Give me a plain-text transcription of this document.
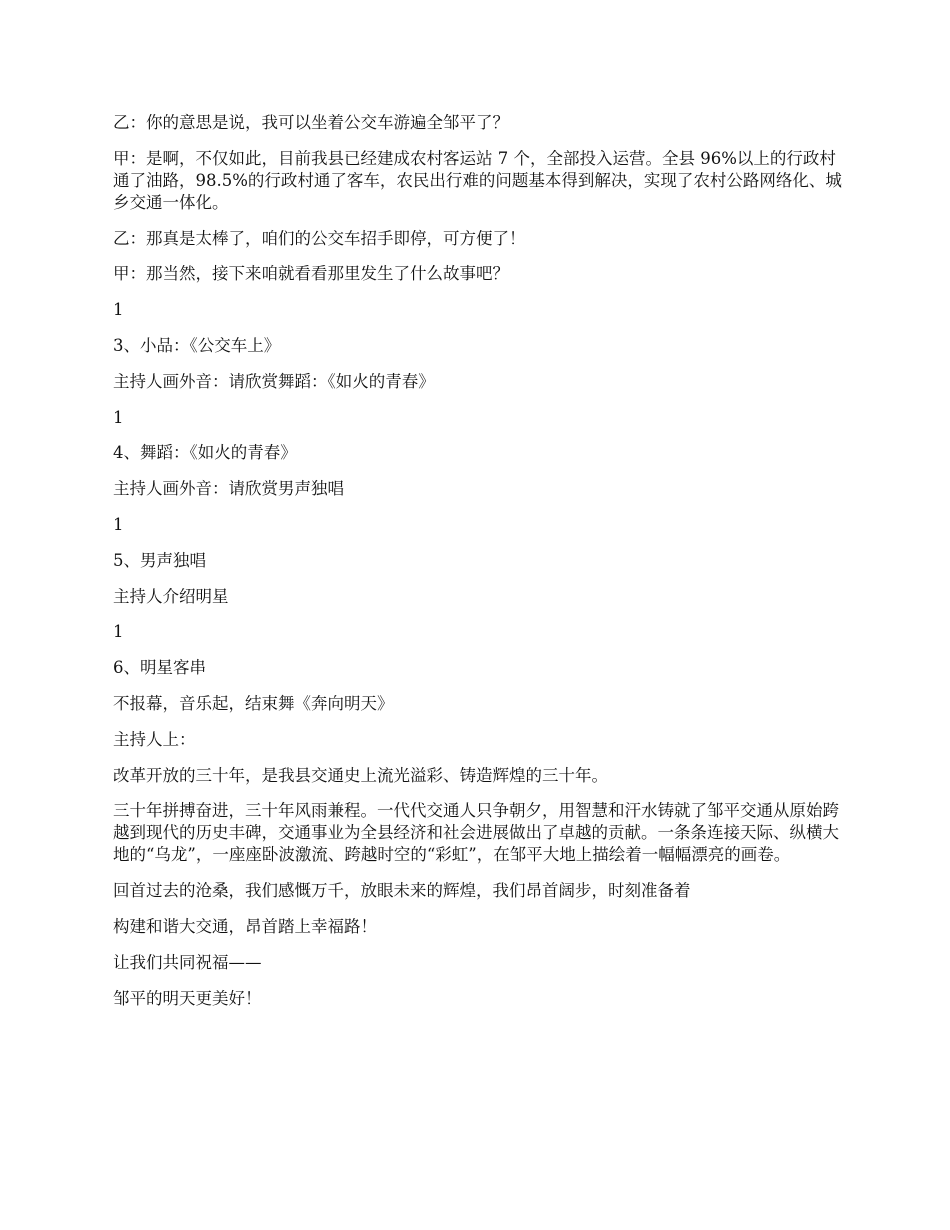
乙：你的意思是说，我可以坐着公交车游遍全邹平了？

甲：是啊，不仅如此，目前我县已经建成农村客运站 7 个，全部投入运营。全县 96%以上的行政村通了油路，98.5%的行政村通了客车，农民出行难的问题基本得到解决，实现了农村公路网络化、城乡交通一体化。

乙：那真是太棒了，咱们的公交车招手即停，可方便了！

甲：那当然，接下来咱就看看那里发生了什么故事吧？

1

3、小品：《公交车上》

主持人画外音：请欣赏舞蹈：《如火的青春》

1

4、舞蹈：《如火的青春》

主持人画外音：请欣赏男声独唱

1

5、男声独唱

主持人介绍明星

1

6、明星客串

不报幕，音乐起，结束舞《奔向明天》

主持人上：

改革开放的三十年，是我县交通史上流光溢彩、铸造辉煌的三十年。

三十年拼搏奋进，三十年风雨兼程。一代代交通人只争朝夕，用智慧和汗水铸就了邹平交通从原始跨越到现代的历史丰碑，交通事业为全县经济和社会进展做出了卓越的贡献。一条条连接天际、纵横大地的“乌龙”，一座座卧波激流、跨越时空的“彩虹”，在邹平大地上描绘着一幅幅漂亮的画卷。

回首过去的沧桑，我们感慨万千，放眼未来的辉煌，我们昂首阔步，时刻准备着

构建和谐大交通，昂首踏上幸福路！

让我们共同祝福——

邹平的明天更美好！
